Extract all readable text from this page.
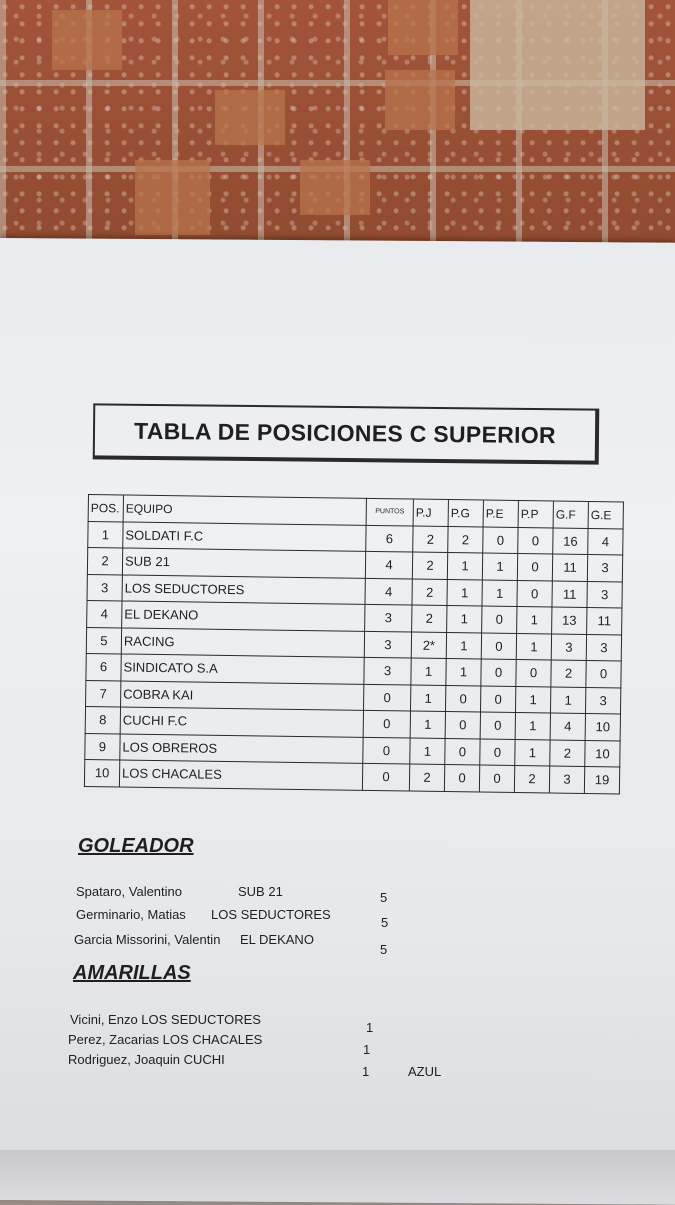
TABLA DE POSICIONES C SUPERIOR
POS.	EQUIPO	PUNTOS	P.J	P.G	P.E	P.P	G.F	G.E
1	SOLDATI F.C	6	2	2	0	0	16	4
2	SUB 21	4	2	1	1	0	11	3
3	LOS SEDUCTORES	4	2	1	1	0	11	3
4	EL DEKANO	3	2	1	0	1	13	11
5	RACING	3	2*	1	0	1	3	3
6	SINDICATO S.A	3	1	1	0	0	2	0
7	COBRA KAI	0	1	0	0	1	1	3
8	CUCHI F.C	0	1	0	0	1	4	10
9	LOS OBREROS	0	1	0	0	1	2	10
10	LOS CHACALES	0	2	0	0	2	3	19
GOLEADOR
Spataro, Valentino	SUB 21	5
Germinario, Matias LOS SEDUCTORES
5
Garcia Missorini, Valentin EL DEKANO
5
AMARILLAS
Vicini, Enzo LOS SEDUCTORES
1
Perez, Zacarias LOS CHACALES
1
Rodriguez, Joaquin CUCHI
1	AZUL
